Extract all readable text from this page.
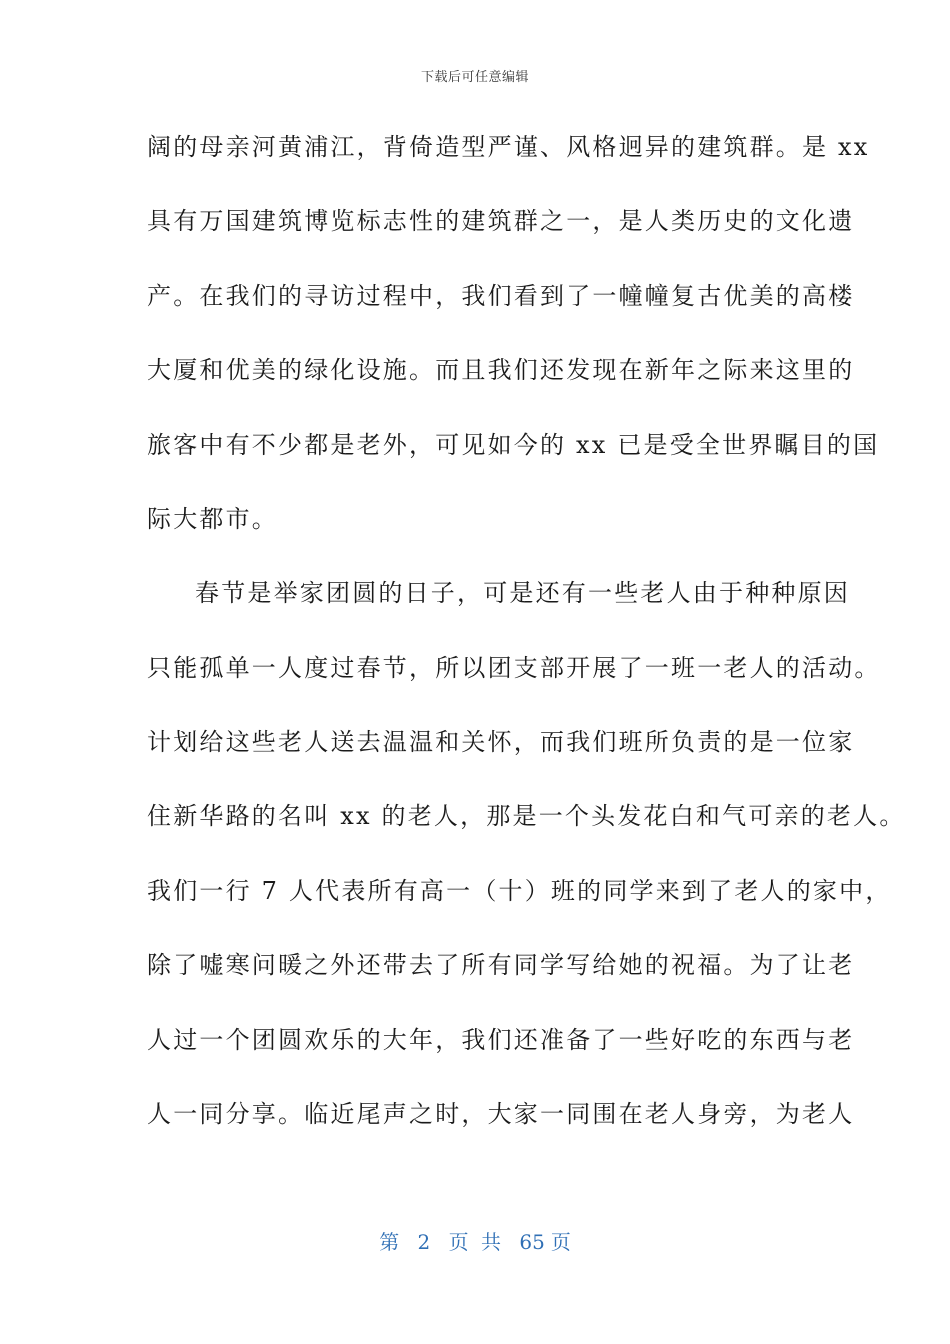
下载后可任意编辑
阔的母亲河黄浦江，背倚造型严谨、风格迥异的建筑群。是 xx
具有万国建筑博览标志性的建筑群之一，是人类历史的文化遗
产。在我们的寻访过程中，我们看到了一幢幢复古优美的高楼
大厦和优美的绿化设施。而且我们还发现在新年之际来这里的
旅客中有不少都是老外，可见如今的 xx 已是受全世界瞩目的国
际大都市。
春节是举家团圆的日子，可是还有一些老人由于种种原因
只能孤单一人度过春节，所以团支部开展了一班一老人的活动。
计划给这些老人送去温温和关怀，而我们班所负责的是一位家
住新华路的名叫 xx 的老人，那是一个头发花白和气可亲的老人。
我们一行 7 人代表所有高一（十）班的同学来到了老人的家中，
除了嘘寒问暖之外还带去了所有同学写给她的祝福。为了让老
人过一个团圆欢乐的大年，我们还准备了一些好吃的东西与老
人一同分享。临近尾声之时，大家一同围在老人身旁，为老人
第 2 页 共 65 页
